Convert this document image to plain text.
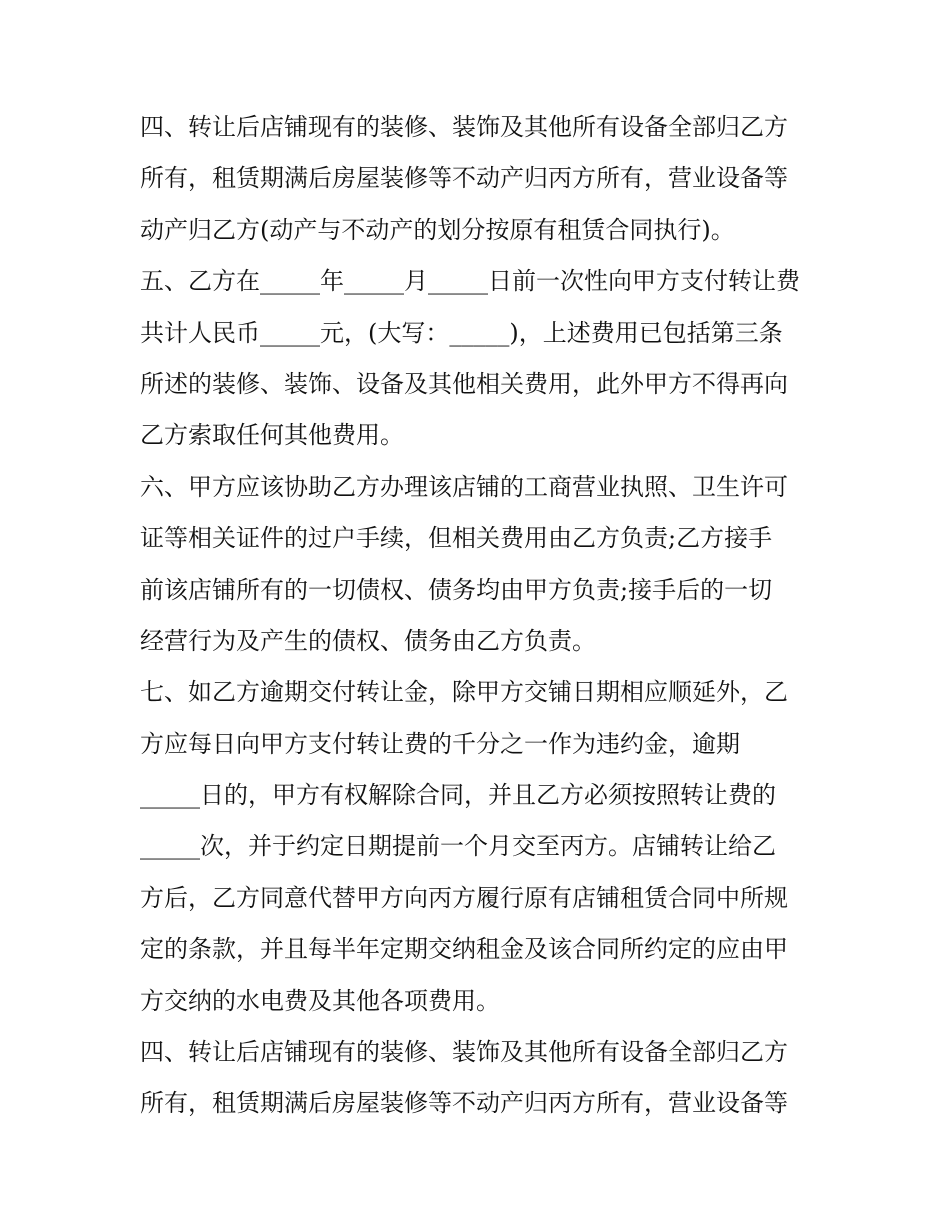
四、转让后店铺现有的装修、装饰及其他所有设备全部归乙方
所有，租赁期满后房屋装修等不动产归丙方所有，营业设备等
动产归乙方(动产与不动产的划分按原有租赁合同执行)。
五、乙方在_____年_____月_____日前一次性向甲方支付转让费
共计人民币_____元，(大写：_____)，上述费用已包括第三条
所述的装修、装饰、设备及其他相关费用，此外甲方不得再向
乙方索取任何其他费用。
六、甲方应该协助乙方办理该店铺的工商营业执照、卫生许可
证等相关证件的过户手续，但相关费用由乙方负责;乙方接手
前该店铺所有的一切债权、债务均由甲方负责;接手后的一切
经营行为及产生的债权、债务由乙方负责。
七、如乙方逾期交付转让金，除甲方交铺日期相应顺延外，乙
方应每日向甲方支付转让费的千分之一作为违约金，逾期
_____日的，甲方有权解除合同，并且乙方必须按照转让费的
_____次，并于约定日期提前一个月交至丙方。店铺转让给乙
方后，乙方同意代替甲方向丙方履行原有店铺租赁合同中所规
定的条款，并且每半年定期交纳租金及该合同所约定的应由甲
方交纳的水电费及其他各项费用。
四、转让后店铺现有的装修、装饰及其他所有设备全部归乙方
所有，租赁期满后房屋装修等不动产归丙方所有，营业设备等
